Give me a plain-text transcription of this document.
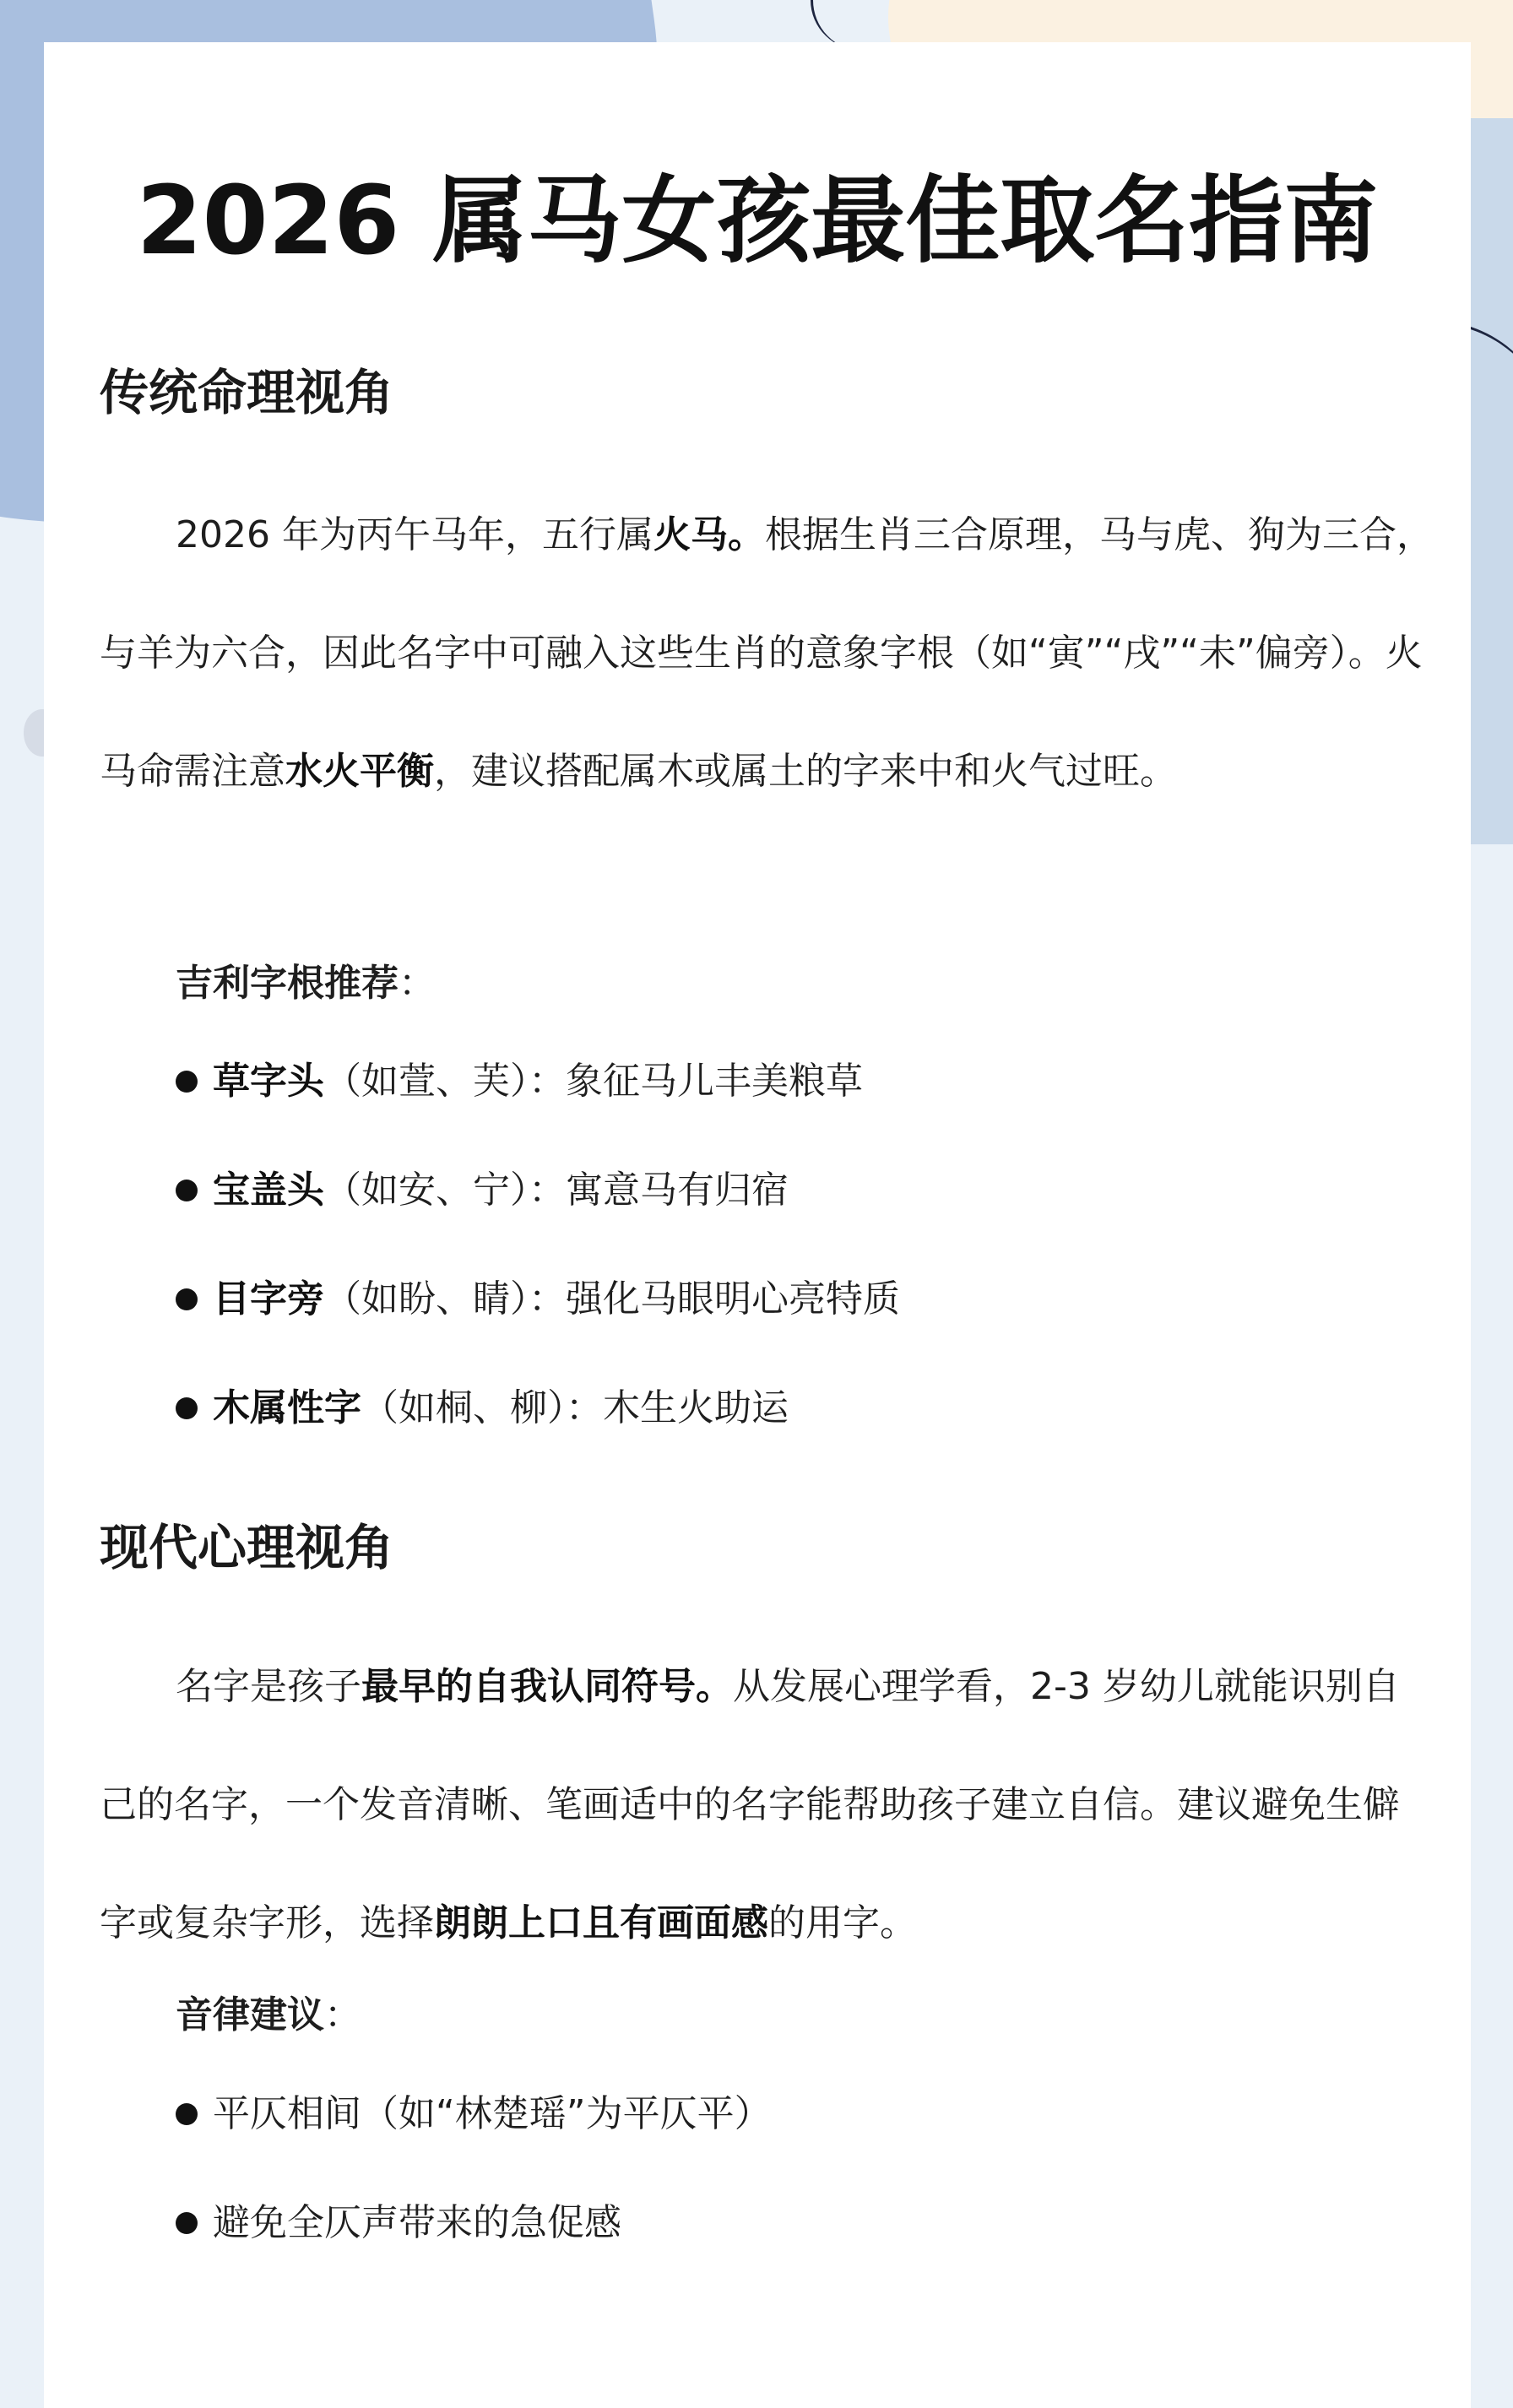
2026 属马女孩最佳取名指南
传统命理视角

2026 年为丙午马年，五行属火马。根据生肖三合原理，马与虎、狗为三合，与羊为六合，因此名字中可融入这些生肖的意象字根（如“寅”“戌”“未”偏旁）。火马命需注意水火平衡，建议搭配属木或属土的字来中和火气过旺。

吉利字根推荐：

草字头（如萱、芙）：象征马儿丰美粮草
宝盖头（如安、宁）：寓意马有归宿
目字旁（如盼、睛）：强化马眼明心亮特质
木属性字（如桐、柳）：木生火助运
现代心理视角

名字是孩子最早的自我认同符号。从发展心理学看，2-3 岁幼儿就能识别自己的名字，一个发音清晰、笔画适中的名字能帮助孩子建立自信。建议避免生僻字或复杂字形，选择朗朗上口且有画面感的用字。

音律建议：

平仄相间（如“林楚瑶”为平仄平）
避免全仄声带来的急促感
